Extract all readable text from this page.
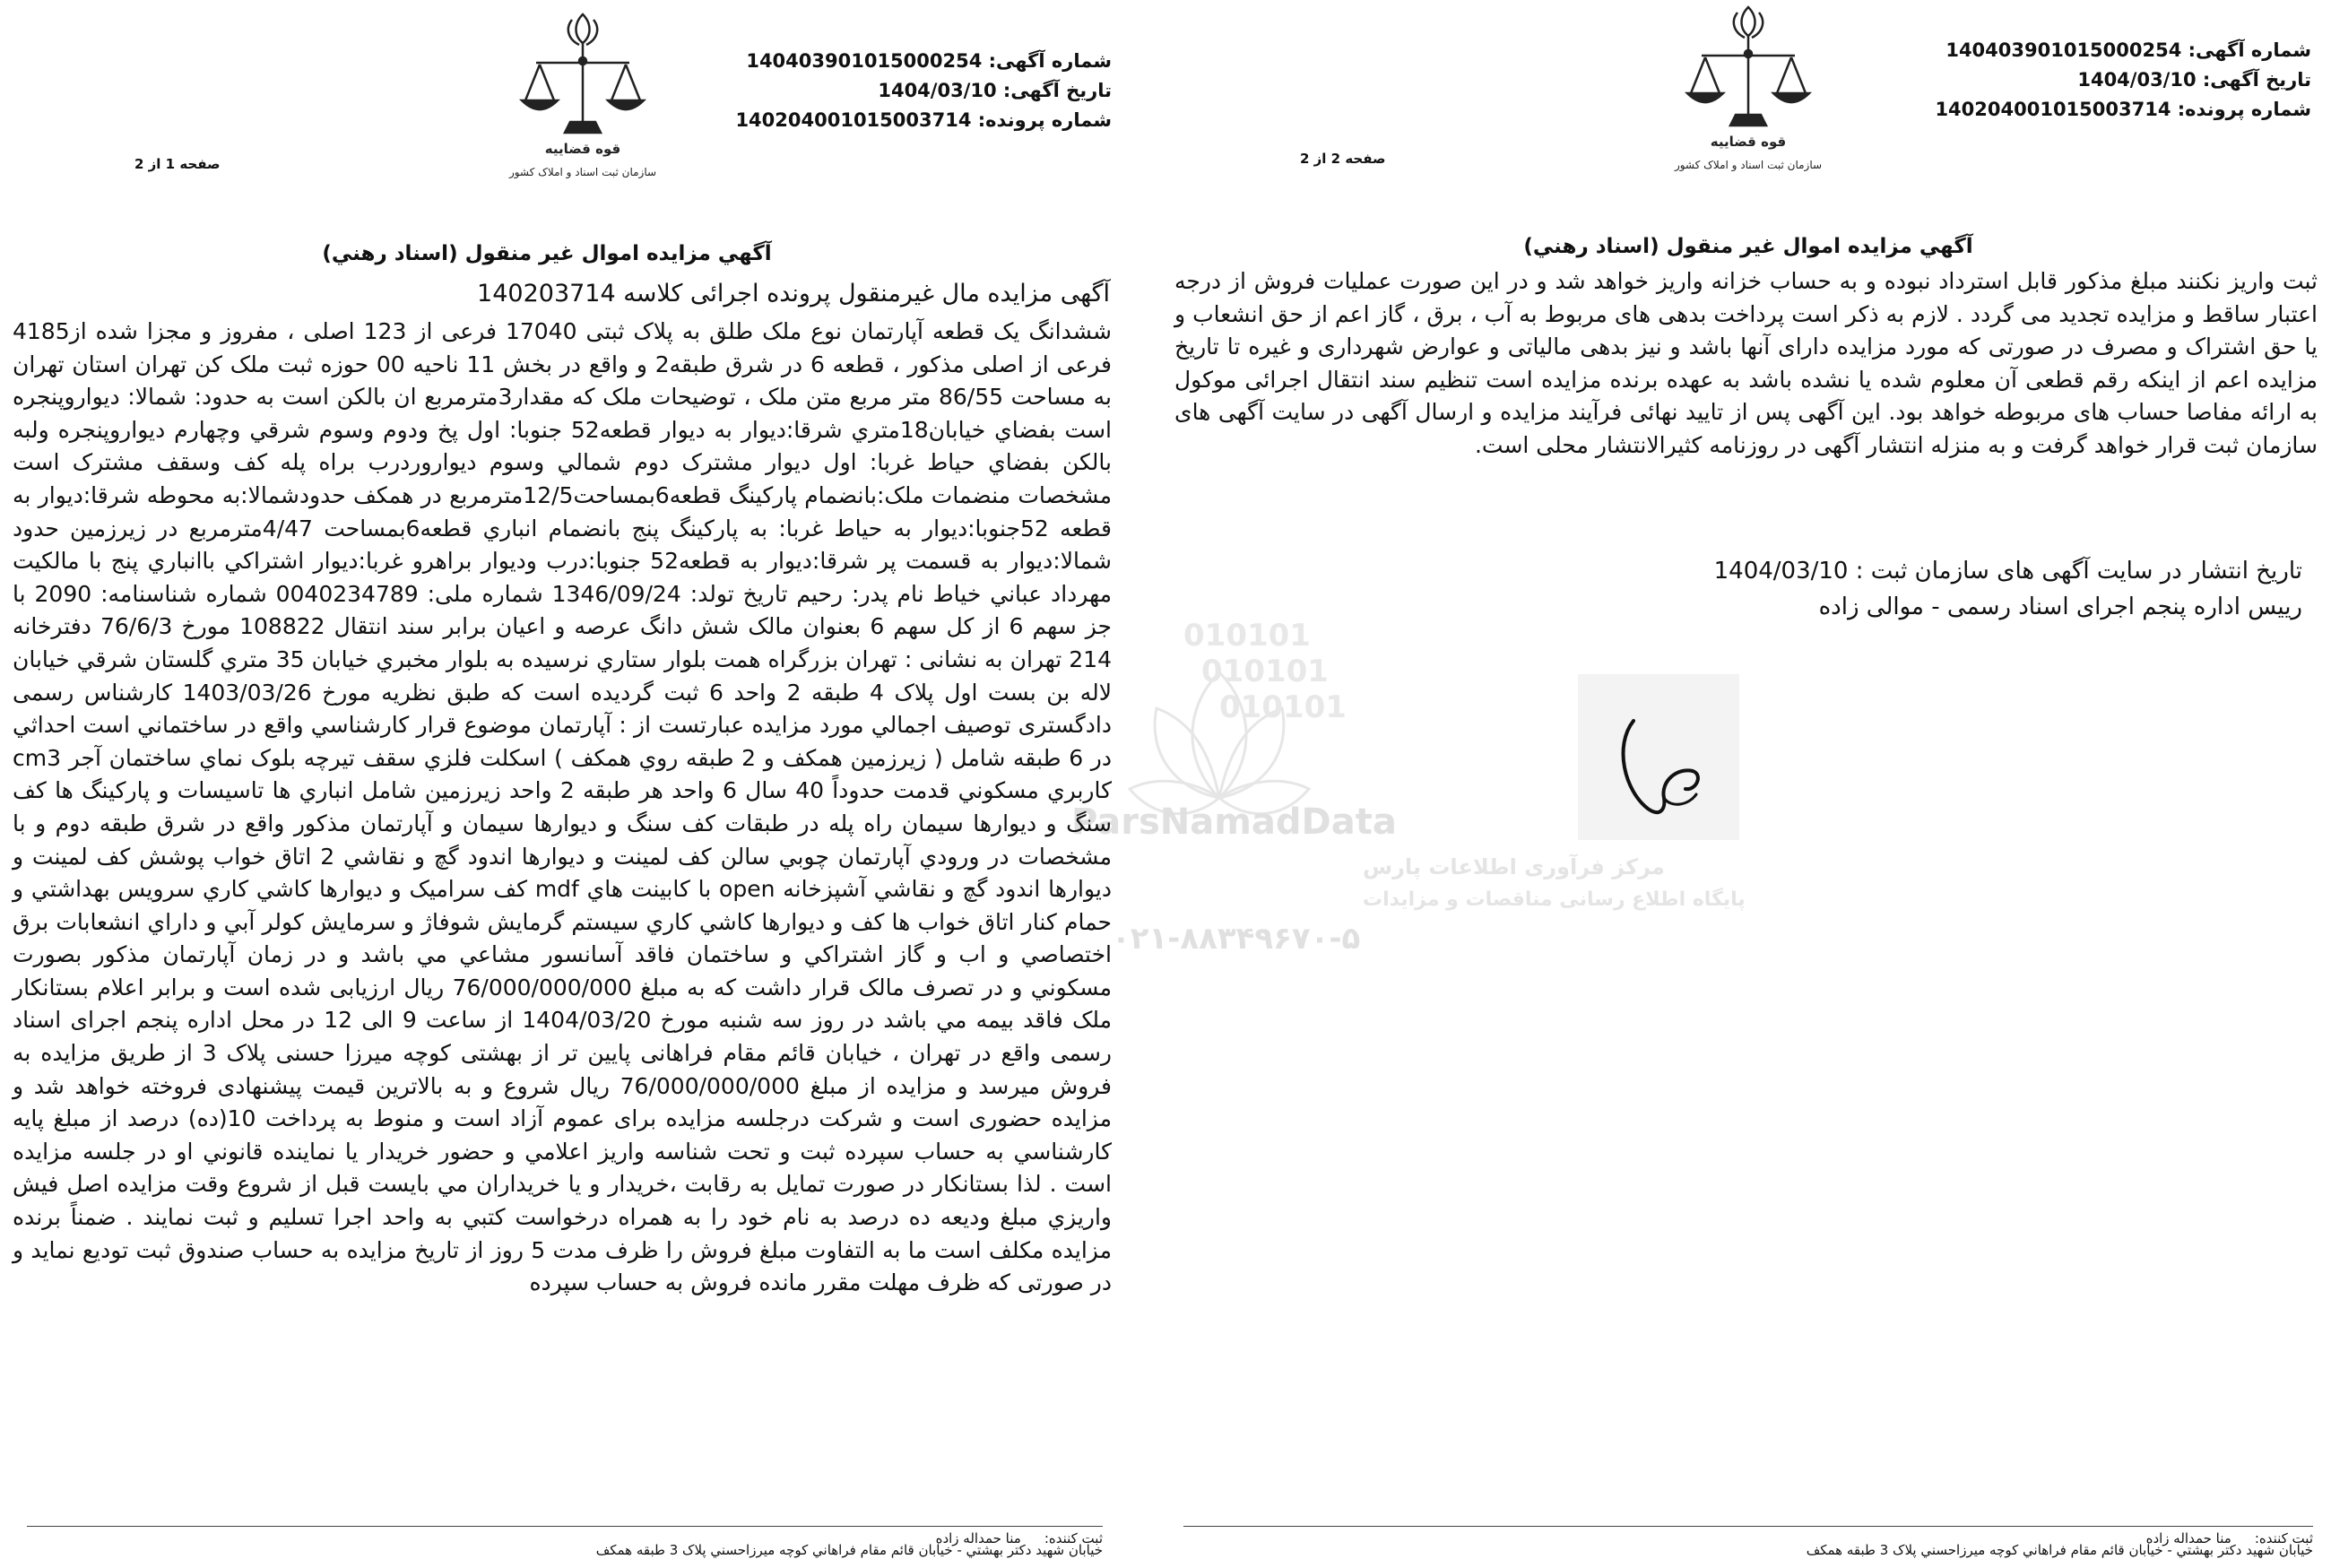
010101
010101
010101
ParsNamadData
مرکز فرآوری اطلاعات پارس
پایگاه اطلاع رسانی مناقصات و مزایدات
۰۲۱-۸۸۳۴۹۶۷۰-۵
شماره آگهی: 140403901015000254
تاریخ آگهی: 1404/03/10
شماره پرونده: 140204001015003714
قوه قضاییه
سازمان ثبت اسناد و املاک کشور
صفحه 2 از 2
آگهي مزايده اموال غير منقول (اسناد رهني)

ثبت واریز نکنند مبلغ مذکور قابل استرداد نبوده و به حساب خزانه واریز خواهد شد و در این صورت عملیات فروش از درجه اعتبار ساقط و مزایده تجدید می گردد . لازم به ذکر است پرداخت بدهی های مربوط به آب ، برق ، گاز اعم از حق انشعاب و یا حق اشتراک و مصرف در صورتی که مورد مزایده دارای آنها باشد و نیز بدهی مالیاتی و عوارض شهرداری و غیره تا تاریخ مزایده اعم از اینکه رقم قطعی آن معلوم شده یا نشده باشد به عهده برنده مزایده است تنظیم سند انتقال اجرائی موکول به ارائه مفاصا حساب های مربوطه خواهد بود. این آگهی پس از تایید نهائی فرآیند مزایده و ارسال آگهی در سایت آگهی های سازمان ثبت قرار خواهد گرفت و به منزله انتشار آگهی در روزنامه کثیرالانتشار محلی است.

تاریخ انتشار در سایت آگهی های سازمان ثبت : 1404/03/10
رییس اداره پنجم اجرای اسناد رسمی - موالی زاده
ثبت کننده:منا حمداله زاده
خيابان شهيد دكتر بهشتي - خيابان قائم مقام فراهاني كوچه ميرزاحسني پلاک 3 طبقه همكف
شماره آگهی: 140403901015000254
تاریخ آگهی: 1404/03/10
شماره پرونده: 140204001015003714
قوه قضاییه
سازمان ثبت اسناد و املاک کشور
صفحه 1 از 2
آگهي مزايده اموال غير منقول (اسناد رهني)
آگهی مزایده مال غیرمنقول پرونده اجرائی کلاسه 140203714

ششدانگ يک قطعه آپارتمان نوع ملک طلق به پلاک ثبتی 17040 فرعی از 123 اصلی ، مفروز و مجزا شده از4185 فرعی از اصلی مذکور ، قطعه 6 در شرق طبقه2 و واقع در بخش 11 ناحیه 00 حوزه ثبت ملک کن تهران استان تهران به مساحت 86/55 متر مربع متن ملک ، توضیحات ملک که مقدار3مترمربع ان بالکن است به حدود: شمالا: ديواروپنجره است بفضاي خيابان18متري شرقا:ديوار به ديوار قطعه52 جنوبا: اول پخ ودوم وسوم شرقي وچهارم ديواروپنجره ولبه بالكن بفضاي حياط غربا: اول ديوار مشترک دوم شمالي وسوم ديواروردرب براه پله كف وسقف مشترک است مشخصات منضمات ملک:بانضمام پارکينگ قطعه6بمساحت12/5مترمربع در همكف حدودشمالا:به محوطه شرقا:ديوار به قطعه 52جنوبا:ديوار به حياط غربا: به پارکينگ پنج بانضمام انباري قطعه6بمساحت 4/47مترمربع در زيرزمين حدود شمالا:ديوار به قسمت پر شرقا:ديوار به قطعه52 جنوبا:درب وديوار براهرو غربا:ديوار اشتراكي باانباري پنج با مالكيت مهرداد عباني خياط نام پدر: رحيم تاريخ تولد: 1346/09/24 شماره ملی: 0040234789 شماره شناسنامه: 2090 با جز سهم 6 از كل سهم 6 بعنوان مالک شش دانگ عرصه و اعيان برابر سند انتقال 108822 مورخ 76/6/3 دفترخانه 214 تهران به نشانی : تهران بزرگراه همت بلوار ستاري نرسيده به بلوار مخبري خيابان 35 متري گلستان شرقي خيابان لاله بن بست اول پلاک 4 طبقه 2 واحد 6 ثبت گرديده است كه طبق نظريه مورخ 1403/03/26 كارشناس رسمی دادگستری توصيف اجمالي مورد مزايده عبارتست از : آپارتمان موضوع قرار كارشناسي واقع در ساختماني است احداثي در 6 طبقه شامل ( زيرزمين همكف و 2 طبقه روي همكف ) اسكلت فلزي سقف تيرچه بلوک نماي ساختمان آجر cm3 كاربري مسكوني قدمت حدوداً 40 سال 6 واحد هر طبقه 2 واحد زيرزمين شامل انباري ها تاسيسات و پاركينگ ها كف سنگ و ديوارها سيمان راه پله در طبقات كف سنگ و ديوارها سيمان و آپارتمان مذكور واقع در شرق طبقه دوم و با مشخصات در ورودي آپارتمان چوبي سالن كف لمينت و ديوارها اندود گچ و نقاشي 2 اتاق خواب پوشش كف لمينت و ديوارها اندود گچ و نقاشي آشپزخانه open با كابينت هاي mdf كف سراميک و ديوارها كاشي كاري سرويس بهداشتي و حمام كنار اتاق خواب ها كف و ديوارها كاشي كاري سيستم گرمايش شوفاژ و سرمايش كولر آبي و داراي انشعابات برق اختصاصي و اب و گاز اشتراكي و ساختمان فاقد آسانسور مشاعي مي باشد و در زمان آپارتمان مذكور بصورت مسكوني و در تصرف مالک قرار داشت كه به مبلغ 76/000/000/000 ريال ارزيابی شده است و برابر اعلام بستانكار ملک فاقد بيمه مي باشد در روز سه شنبه مورخ 1404/03/20 از ساعت 9 الی 12 در محل اداره پنجم اجرای اسناد رسمی واقع در تهران ، خيابان قائم مقام فراهانی پايين تر از بهشتی كوچه ميرزا حسنی پلاک 3 از طريق مزايده به فروش ميرسد و مزايده از مبلغ 76/000/000/000 ريال شروع و به بالاترين قيمت پيشنهادی فروخته خواهد شد و مزايده حضوری است و شركت درجلسه مزايده برای عموم آزاد است و منوط به پرداخت 10(ده) درصد از مبلغ پايه كارشناسي به حساب سپرده ثبت و تحت شناسه واريز اعلامي و حضور خريدار يا نماينده قانوني او در جلسه مزايده است . لذا بستانكار در صورت تمايل به رقابت ،خريدار و يا خريداران مي بايست قبل از شروع وقت مزايده اصل فيش واريزي مبلغ وديعه ده درصد به نام خود را به همراه درخواست كتبي به واحد اجرا تسليم و ثبت نمايند . ضمناً برنده مزايده مكلف است ما به التفاوت مبلغ فروش را ظرف مدت 5 روز از تاريخ مزايده به حساب صندوق ثبت توديع نمايد و در صورتی كه ظرف مهلت مقرر مانده فروش به حساب سپرده

ثبت كننده:منا حمداله زاده
خيابان شهيد دكتر بهشتي - خيابان قائم مقام فراهاني كوچه ميرزاحسني پلاک 3 طبقه همكف
